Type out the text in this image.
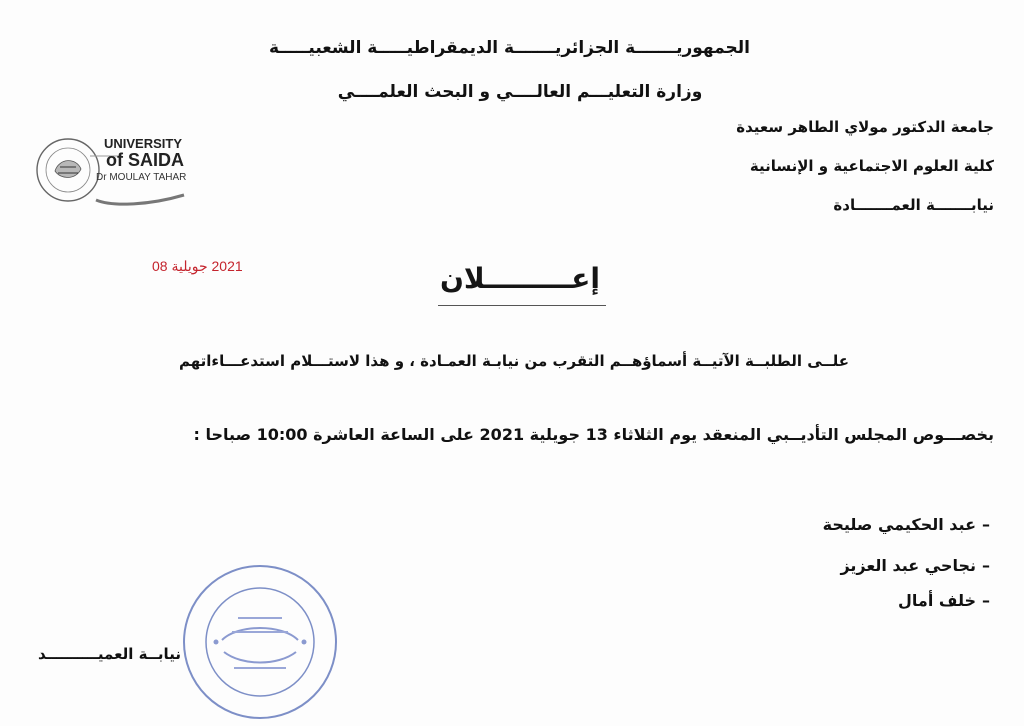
الجمهوريـــــــة الجزائريـــــــة الديمقراطيـــــة الشعبيـــــة
وزارة التعليـــم العالــــي و البحث العلمــــي
جامعة الدكتور مولاي الطاهر سعيدة
كلية العلوم الاجتماعية و الإنسانية
نيابـــــــة العمـــــــادة
UNIVERSITY
of SAIDA
Dr MOULAY TAHAR
2021 جويلية 08	إعـــــــــلان
علــى الطلبــة الآتيــة أسماؤهــم التقرب من نيابـة العمـادة ، و هذا لاستـــلام استدعـــاءاتهم
بخصـــوص المجلس التأديــبي المنعقد يوم الثلاثاء 13 جويلية 2021 على الساعة العاشرة 10:00 صباحا :
–
عبد الحكيمي صليحة
–
نجاحي عبد العزيز
–
خلف أمال
نيابــة العميــــــــــد
